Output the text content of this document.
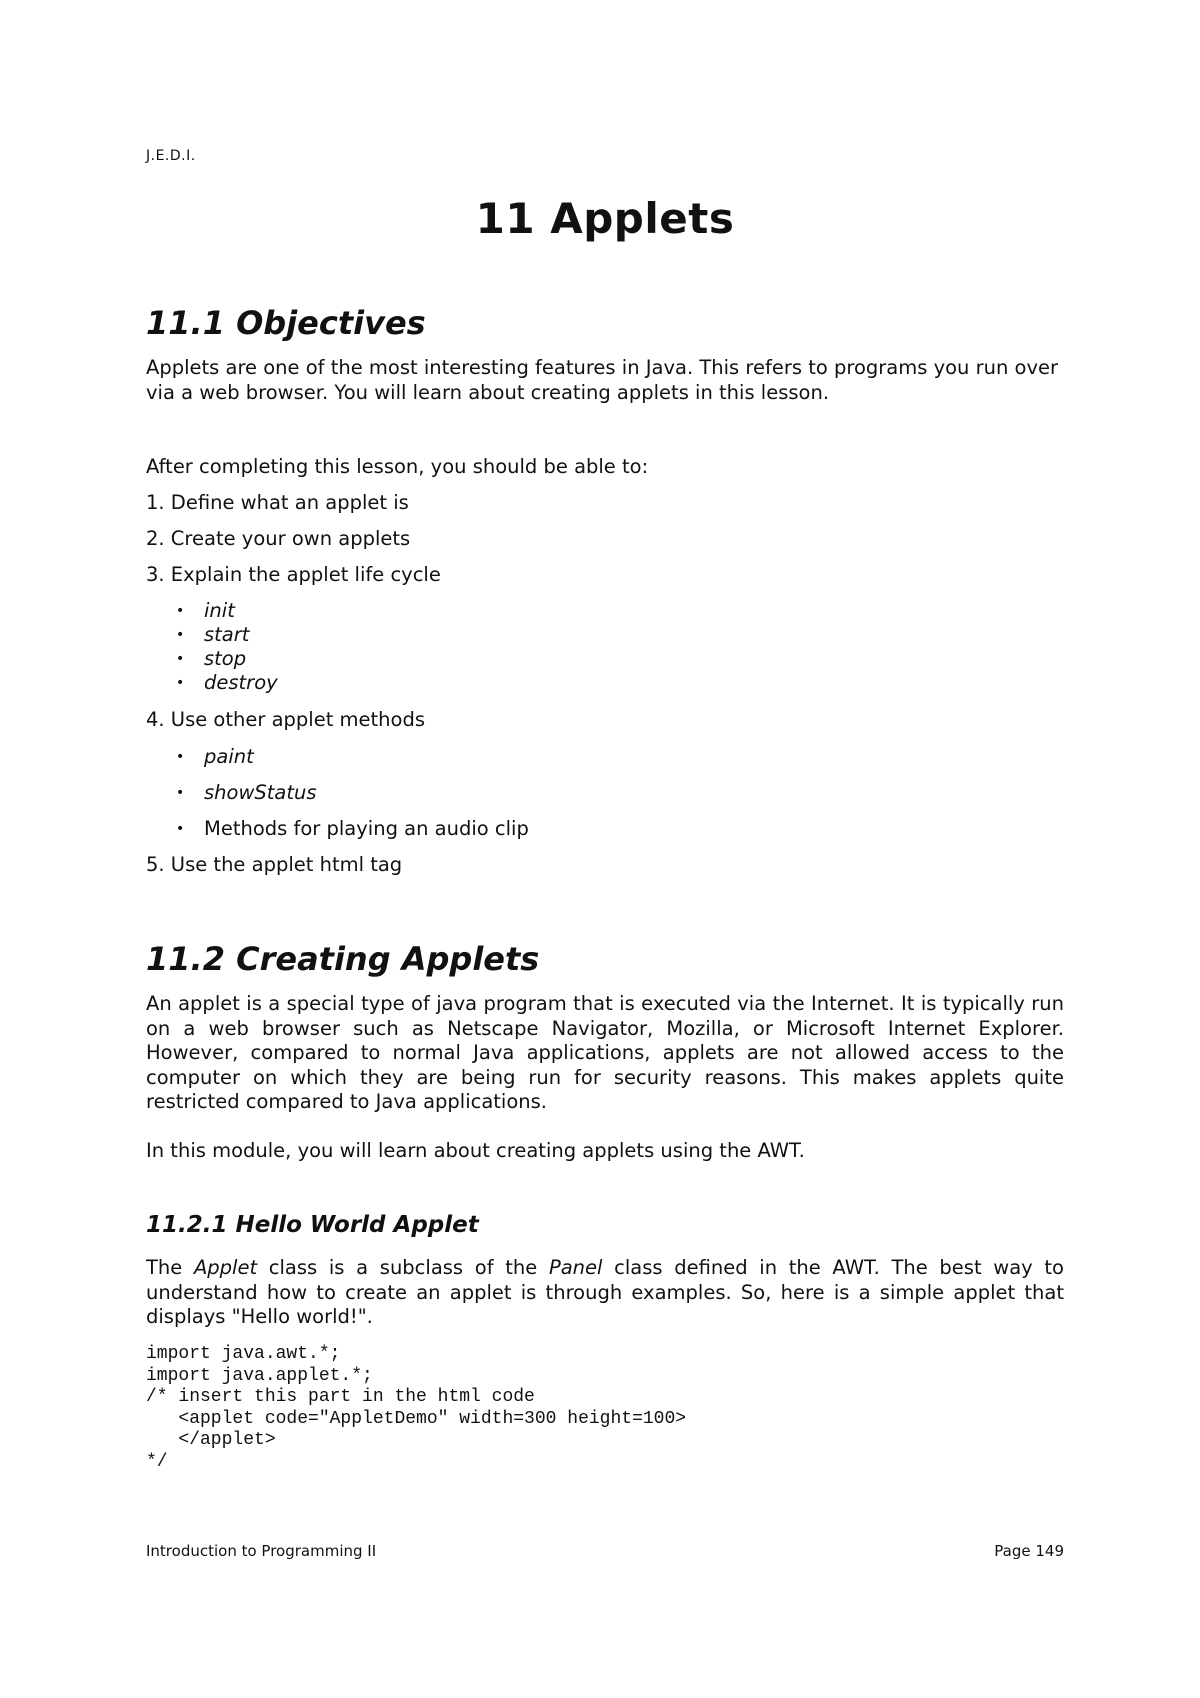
J.E.D.I.
11 Applets
11.1 Objectives
Applets are one of the most interesting features in Java. This refers to programs you run over via a web browser. You will learn about creating applets in this lesson.
After completing this lesson, you should be able to:
1. Define what an applet is
2. Create your own applets
3. Explain the applet life cycle
• init
• start
• stop
• destroy
4. Use other applet methods
• paint
• showStatus
• Methods for playing an audio clip
5. Use the applet html tag
11.2 Creating Applets
An applet is a special type of java program that is executed via the Internet. It is typically run on a web browser such as Netscape Navigator, Mozilla, or Microsoft Internet Explorer. However, compared to normal Java applications, applets are not allowed access to the computer on which they are being run for security reasons. This makes applets quite restricted compared to Java applications.
In this module, you will learn about creating applets using the AWT.
11.2.1 Hello World Applet
The Applet class is a subclass of the Panel class defined in the AWT. The best way to understand how to create an applet is through examples. So, here is a simple applet that displays "Hello world!".
import java.awt.*;
import java.applet.*;
/* insert this part in the html code
<applet code="AppletDemo" width=300 height=100>
</applet>
*/
Introduction to Programming II	Page 149
